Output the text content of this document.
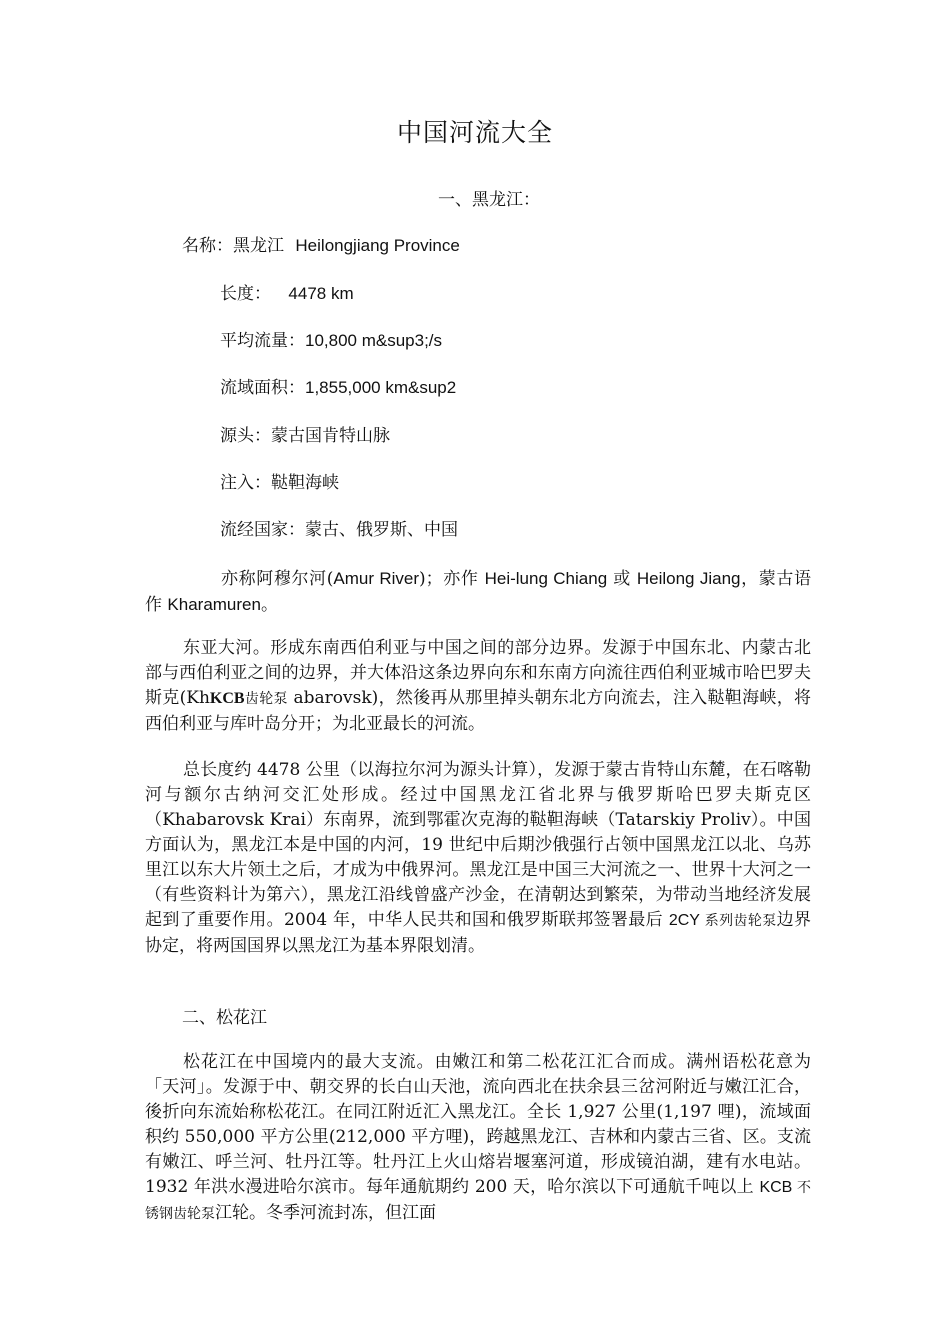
中国河流大全
一、黑龙江：
名称：黑龙江 Heilongjiang Province
长度： 4478 km
平均流量：10,800 m&sup3;/s
流域面积：1,855,000 km&sup2
源头：蒙古国肯特山脉
注入：鞑靼海峡
流经国家：蒙古、俄罗斯、中国
亦称阿穆尔河(Amur River)；亦作 Hei-lung Chiang 或 Heilong Jiang，蒙古语作 Kharamuren。
东亚大河。形成东南西伯利亚与中国之间的部分边界。发源于中国东北、内蒙古北部与西伯利亚之间的边界，并大体沿这条边界向东和东南方向流往西伯利亚城市哈巴罗夫斯克(KhKCB齿轮泵 abarovsk)，然後再从那里掉头朝东北方向流去，注入鞑靼海峡，将西伯利亚与库叶岛分开；为北亚最长的河流。
总长度约 4478 公里（以海拉尔河为源头计算），发源于蒙古肯特山东麓，在石喀勒河与额尔古纳河交汇处形成。经过中国黑龙江省北界与俄罗斯哈巴罗夫斯克区（Khabarovsk Krai）东南界，流到鄂霍次克海的鞑靼海峡（Tatarskiy Proliv）。中国方面认为，黑龙江本是中国的内河，19 世纪中后期沙俄强行占领中国黑龙江以北、乌苏里江以东大片领土之后，才成为中俄界河。黑龙江是中国三大河流之一、世界十大河之一（有些资料计为第六），黑龙江沿线曾盛产沙金，在清朝达到繁荣，为带动当地经济发展起到了重要作用。2004 年，中华人民共和国和俄罗斯联邦签署最后 2CY 系列齿轮泵边界协定，将两国国界以黑龙江为基本界限划清。
二、松花江
松花江在中国境内的最大支流。由嫩江和第二松花江汇合而成。满州语松花意为「天河」。发源于中、朝交界的长白山天池，流向西北在扶余县三岔河附近与嫩江汇合，後折向东流始称松花江。在同江附近汇入黑龙江。全长 1,927 公里(1,197 哩)，流域面积约 550,000 平方公里(212,000 平方哩)，跨越黑龙江、吉林和内蒙古三省、区。支流有嫩江、呼兰河、牡丹江等。牡丹江上火山熔岩堰塞河道，形成镜泊湖，建有水电站。1932 年洪水漫进哈尔滨市。每年通航期约 200 天，哈尔滨以下可通航千吨以上 KCB 不锈钢齿轮泵江轮。冬季河流封冻，但江面
